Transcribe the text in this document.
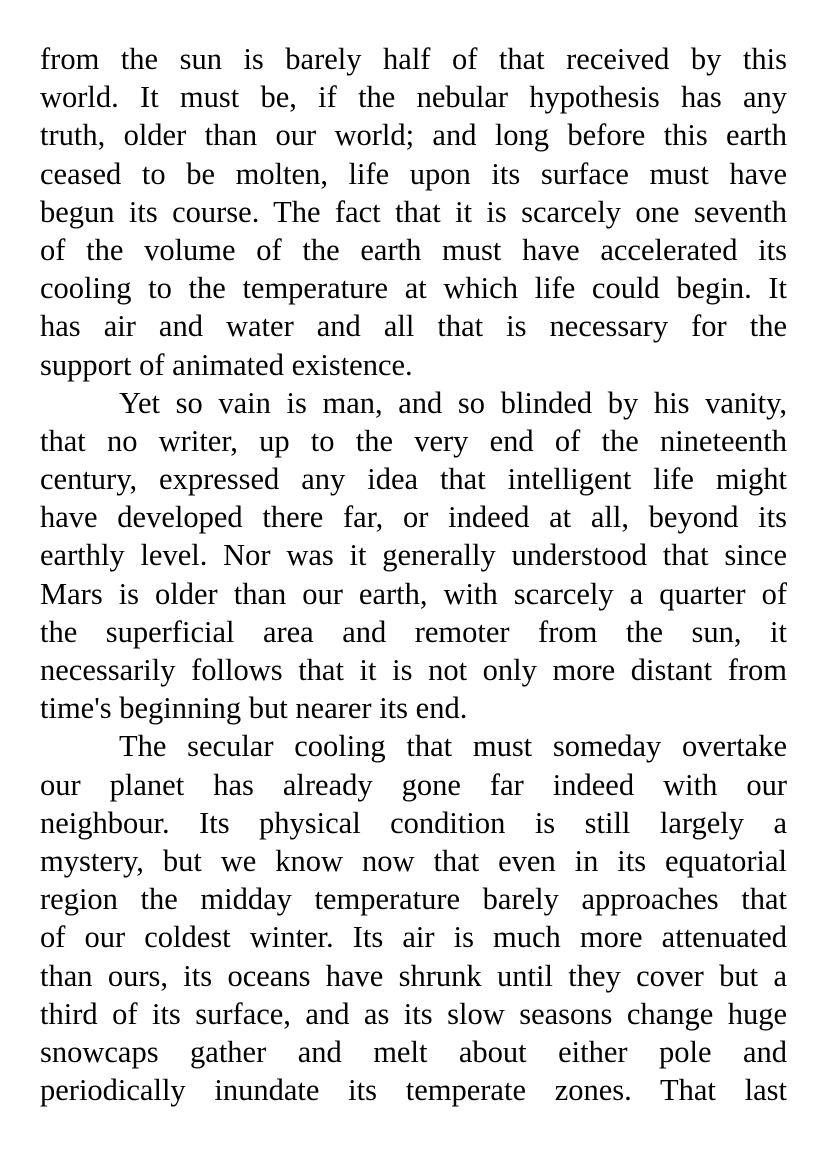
from the sun is barely half of that received by this
world. It must be, if the nebular hypothesis has any
truth, older than our world; and long before this earth
ceased to be molten, life upon its surface must have
begun its course. The fact that it is scarcely one seventh
of the volume of the earth must have accelerated its
cooling to the temperature at which life could begin. It
has air and water and all that is necessary for the
support of animated existence.
Yet so vain is man, and so blinded by his vanity,
that no writer, up to the very end of the nineteenth
century, expressed any idea that intelligent life might
have developed there far, or indeed at all, beyond its
earthly level. Nor was it generally understood that since
Mars is older than our earth, with scarcely a quarter of
the superficial area and remoter from the sun, it
necessarily follows that it is not only more distant from
time's beginning but nearer its end.
The secular cooling that must someday overtake
our planet has already gone far indeed with our
neighbour. Its physical condition is still largely a
mystery, but we know now that even in its equatorial
region the midday temperature barely approaches that
of our coldest winter. Its air is much more attenuated
than ours, its oceans have shrunk until they cover but a
third of its surface, and as its slow seasons change huge
snowcaps gather and melt about either pole and
periodically inundate its temperate zones. That last
